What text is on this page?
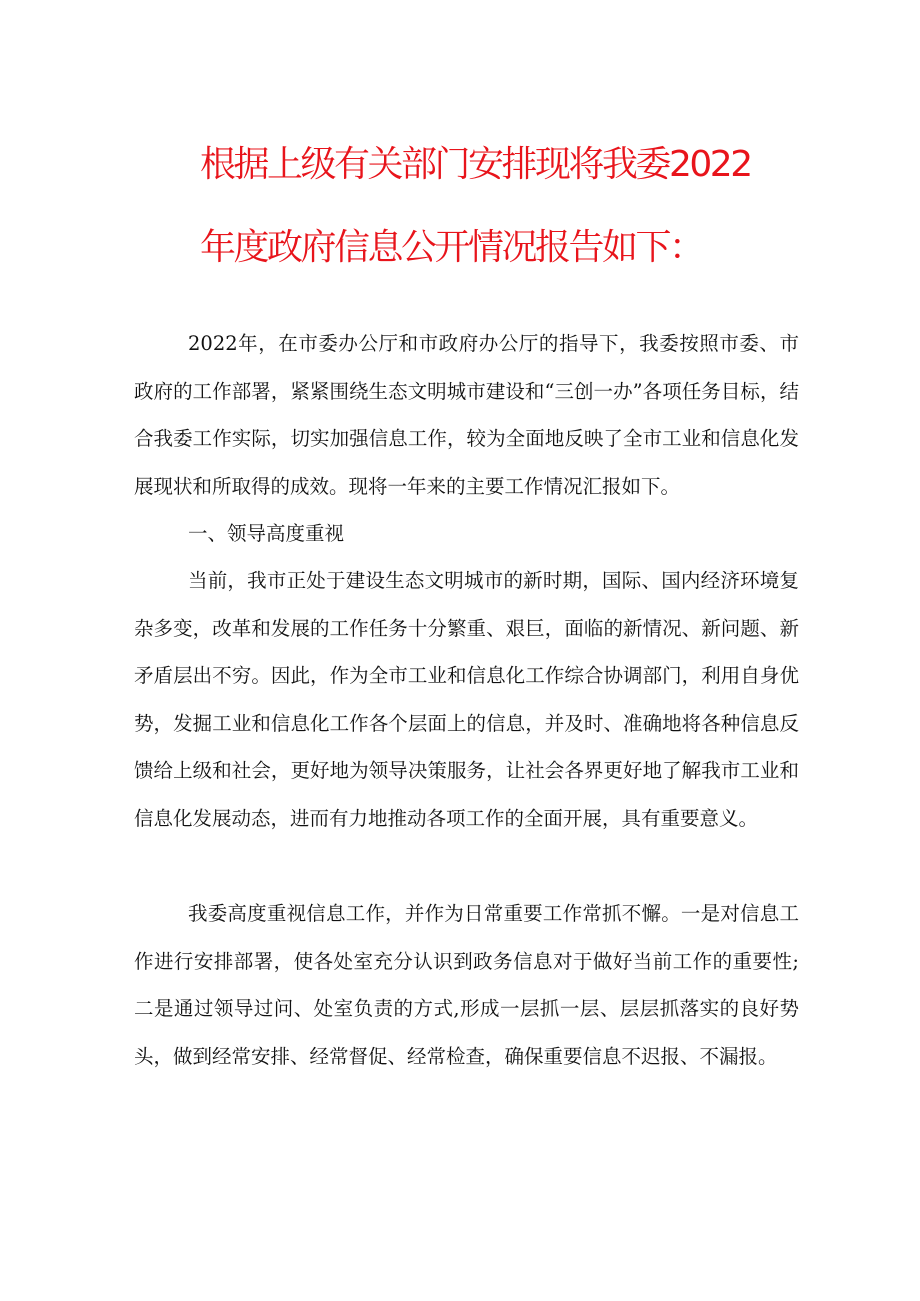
根据上级有关部门安排现将我委2022
年度政府信息公开情况报告如下：

2022年，在市委办公厅和市政府办公厅的指导下，我委按照市委、市政府的工作部署，紧紧围绕生态文明城市建设和“三创一办”各项任务目标，结合我委工作实际，切实加强信息工作，较为全面地反映了全市工业和信息化发展现状和所取得的成效。现将一年来的主要工作情况汇报如下。

一、领导高度重视

当前，我市正处于建设生态文明城市的新时期，国际、国内经济环境复杂多变，改革和发展的工作任务十分繁重、艰巨，面临的新情况、新问题、新矛盾层出不穷。因此，作为全市工业和信息化工作综合协调部门，利用自身优势，发掘工业和信息化工作各个层面上的信息，并及时、准确地将各种信息反馈给上级和社会，更好地为领导决策服务，让社会各界更好地了解我市工业和信息化发展动态，进而有力地推动各项工作的全面开展，具有重要意义。

我委高度重视信息工作，并作为日常重要工作常抓不懈。一是对信息工作进行安排部署，使各处室充分认识到政务信息对于做好当前工作的重要性;二是通过领导过问、处室负责的方式,形成一层抓一层、层层抓落实的良好势头，做到经常安排、经常督促、经常检查，确保重要信息不迟报、不漏报。
